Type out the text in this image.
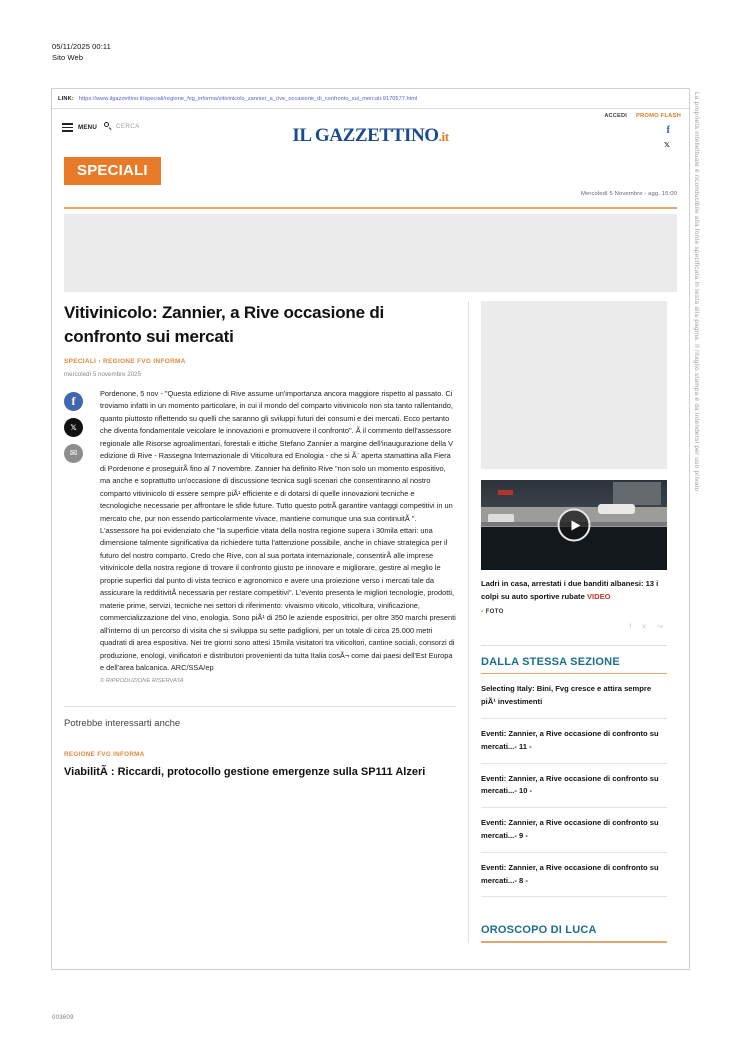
05/11/2025 00:11
Sito Web
LINK: https://www.ilgazzettino.it/speciali/regione_fvg_informa/vitivinicolo_zannier_a_rive_occasione_di_confronto_sui_mercati-9170577.html
MENU	CERCA	IL GAZZETTINO.it
ACCEDI PROMO FLASH
f
𝕩
SPECIALI
Mercoledì 5 Novembre - agg. 15:00
Vitivinicolo: Zannier, a Rive occasione di confronto sui mercati
SPECIALI › REGIONE FVG INFORMA
mercoledì 5 novembre 2025
f
𝕩
✉

Pordenone, 5 nov - "Questa edizione di Rive assume un'importanza ancora maggiore rispetto al passato. Ci troviamo infatti in un momento particolare, in cui il mondo del comparto vitivinicolo non sta tanto rallentando, quanto piuttosto riflettendo su quelli che saranno gli sviluppi futuri dei consumi e dei mercati. Ecco pertanto che diventa fondamentale veicolare le innovazioni e promuovere il confronto". Ã il commento dell'assessore regionale alle Risorse agroalimentari, forestali e ittiche Stefano Zannier a margine dell'inaugurazione della V edizione di Rive - Rassegna Internazionale di Viticoltura ed Enologia - che si Ã¨ aperta stamattina alla Fiera di Pordenone e proseguirÃ fino al 7 novembre. Zannier ha definito Rive "non solo un momento espositivo, ma anche e soprattutto un'occasione di discussione tecnica sugli scenari che consentiranno al nostro comparto vitivinicolo di essere sempre piÃ¹ efficiente e di dotarsi di quelle innovazioni tecniche e tecnologiche necessarie per affrontare le sfide future. Tutto questo potrÃ garantire vantaggi competitivi in un mercato che, pur non essendo particolarmente vivace, mantiene comunque una sua continuitÃ ". L'assessore ha poi evidenziato che "la superficie vitata della nostra regione supera i 30mila ettari: una dimensione talmente significativa da richiedere tutta l'attenzione possibile, anche in chiave strategica per il futuro del nostro comparto. Credo che Rive, con al sua portata internazionale, consentirÃ alle imprese vitivinicole della nostra regione di trovare il confronto giusto pe innovare e migliorare, gestire al meglio le proprie superfici dal punto di vista tecnico e agronomico e avere una proiezione verso i mercati tale da assicurare la redditivitÃ necessaria per restare competitivi". L'evento presenta le migliori tecnologie, prodotti, materie prime, servizi, tecniche nei settori di riferimento: vivaismo viticolo, viticoltura, vinificazione, commercializzazione del vino, enologia. Sono piÃ¹ di 250 le aziende espositrici, per oltre 350 marchi presenti all'interno di un percorso di visita che si sviluppa su sette padiglioni, per un totale di circa 25.000 metri quadrati di area espositiva. Nei tre giorni sono attesi 15mila visitatori tra viticoltori, cantine sociali, consorzi di produzione, enologi, vinificatori e distributori provenienti da tutta Italia cosÃ¬ come dai paesi dell'Est Europa e dell'area balcanica. ARC/SSA/ep

© RIPRODUZIONE RISERVATA
Potrebbe interessarti anche
REGIONE FVG INFORMA
ViabilitÃ : Riccardi, protocollo gestione emergenze sulla SP111 Alzeri
Ladri in casa, arrestati i due banditi albanesi: 13 i colpi su auto sportive rubate VIDEO
▪ FOTO
f ✕ ↪
DALLA STESSA SEZIONE
Selecting Italy: Bini, Fvg cresce e attira sempre piÃ¹ investimenti
Eventi: Zannier, a Rive occasione di confronto su mercati...- 11 -
Eventi: Zannier, a Rive occasione di confronto su mercati...- 10 -
Eventi: Zannier, a Rive occasione di confronto su mercati...- 9 -
Eventi: Zannier, a Rive occasione di confronto su mercati...- 8 -
OROSCOPO DI LUCA
La proprietà intellettuale è riconducibile alla fonte specificata in testa alla pagina. Il ritaglio stampa è da intendersi per uso privato
003609
